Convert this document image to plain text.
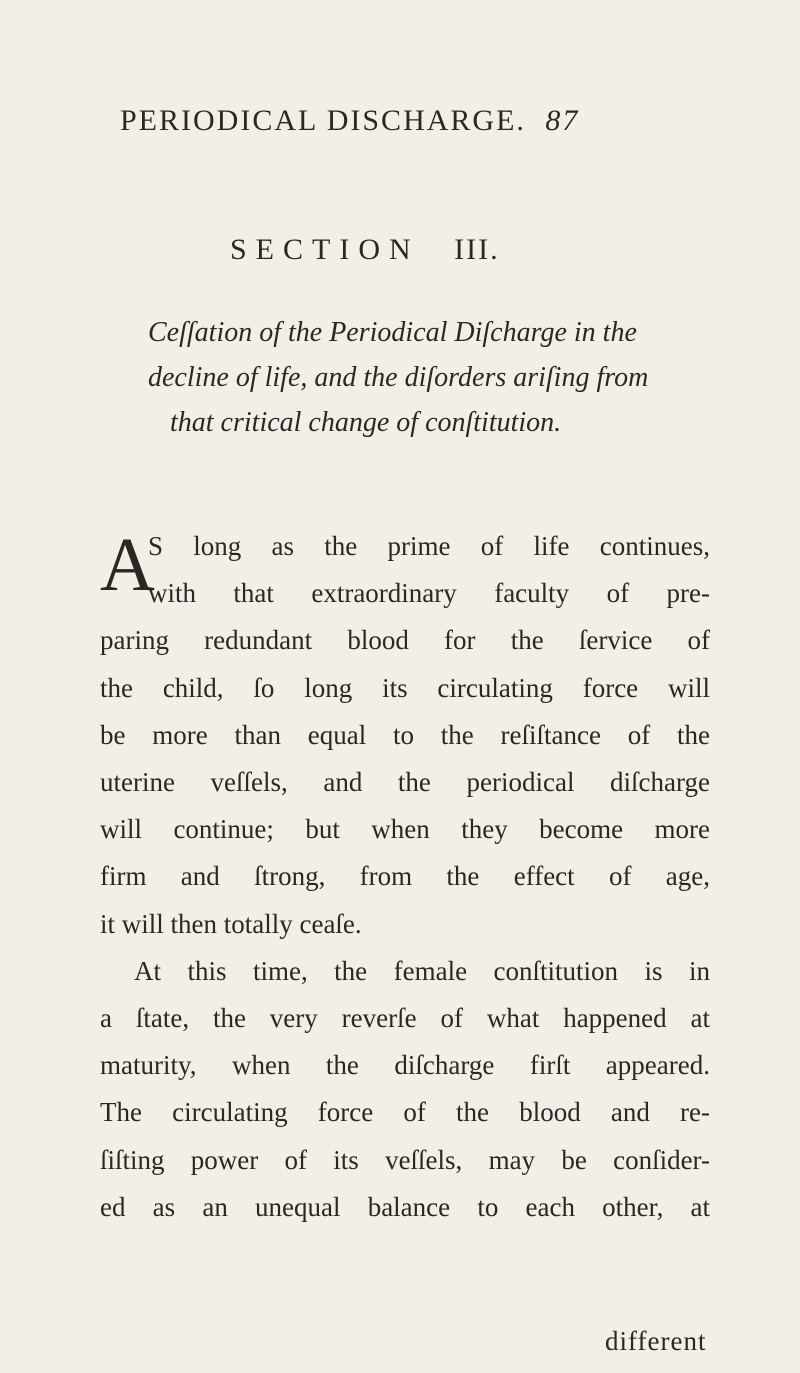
PERIODICAL DISCHARGE. 87
SECTION III.
Ceſſation of the Periodical Diſcharge in the
decline of life, and the diſorders ariſing from
that critical change of conſtitution.
A
S long as the prime of life continues,
with that extraordinary faculty of pre-
paring redundant blood for the ſervice of
the child, ſo long its circulating force will
be more than equal to the reſiſtance of the
uterine veſſels, and the periodical diſcharge
will continue; but when they become more
firm and ſtrong, from the effect of age,
it will then totally ceaſe.
At this time, the female conſtitution is in
a ſtate, the very reverſe of what happened at
maturity, when the diſcharge firſt appeared.
The circulating force of the blood and re-
ſiſting power of its veſſels, may be conſider-
ed as an unequal balance to each other, at
different
